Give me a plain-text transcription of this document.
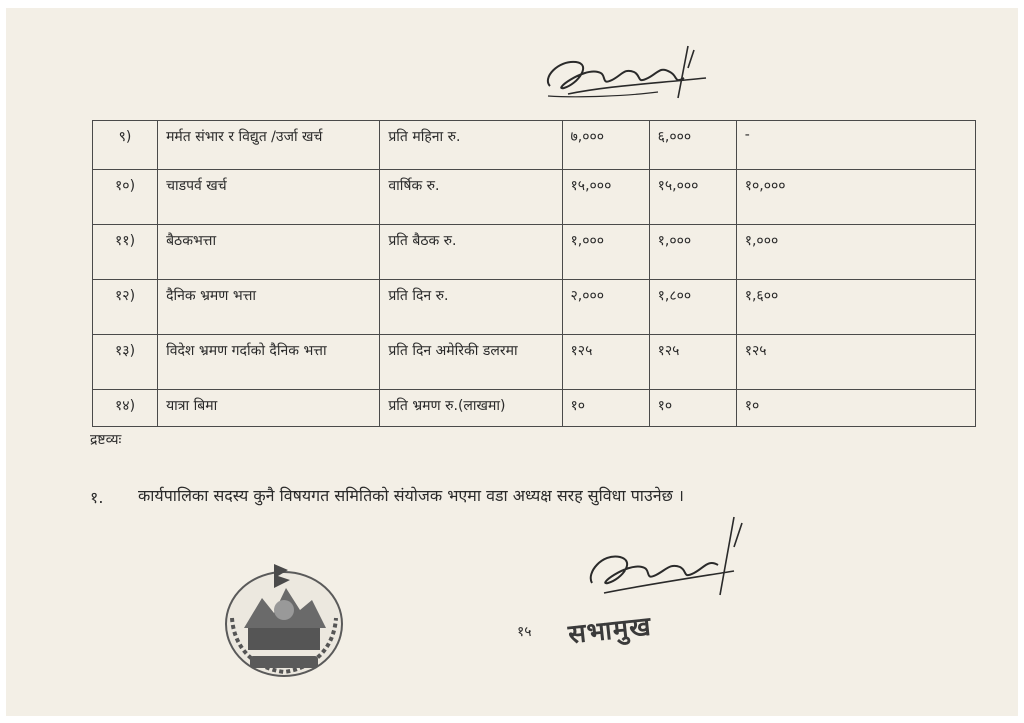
९)	मर्मत संभार र विद्युत /उर्जा खर्च	प्रति महिना रु.	७,०००	६,०००	-
१०)	चाडपर्व खर्च	वार्षिक रु.	१५,०००	१५,०००	१०,०००
११)	बैठकभत्ता	प्रति बैठक रु.	१,०००	१,०००	१,०००
१२)	दैनिक भ्रमण भत्ता	प्रति दिन रु.	२,०००	१,८००	१,६००
१३)	विदेश भ्रमण गर्दाको दैनिक भत्ता	प्रति दिन अमेरिकी डलरमा	१२५	१२५	१२५
१४)	यात्रा बिमा	प्रति भ्रमण रु.(लाखमा)	१०	१०	१०
द्रष्टव्यः
१. कार्यपालिका सदस्य कुनै विषयगत समितिको संयोजक भएमा वडा अध्यक्ष सरह सुविधा पाउनेछ ।
१५ सभामुख
